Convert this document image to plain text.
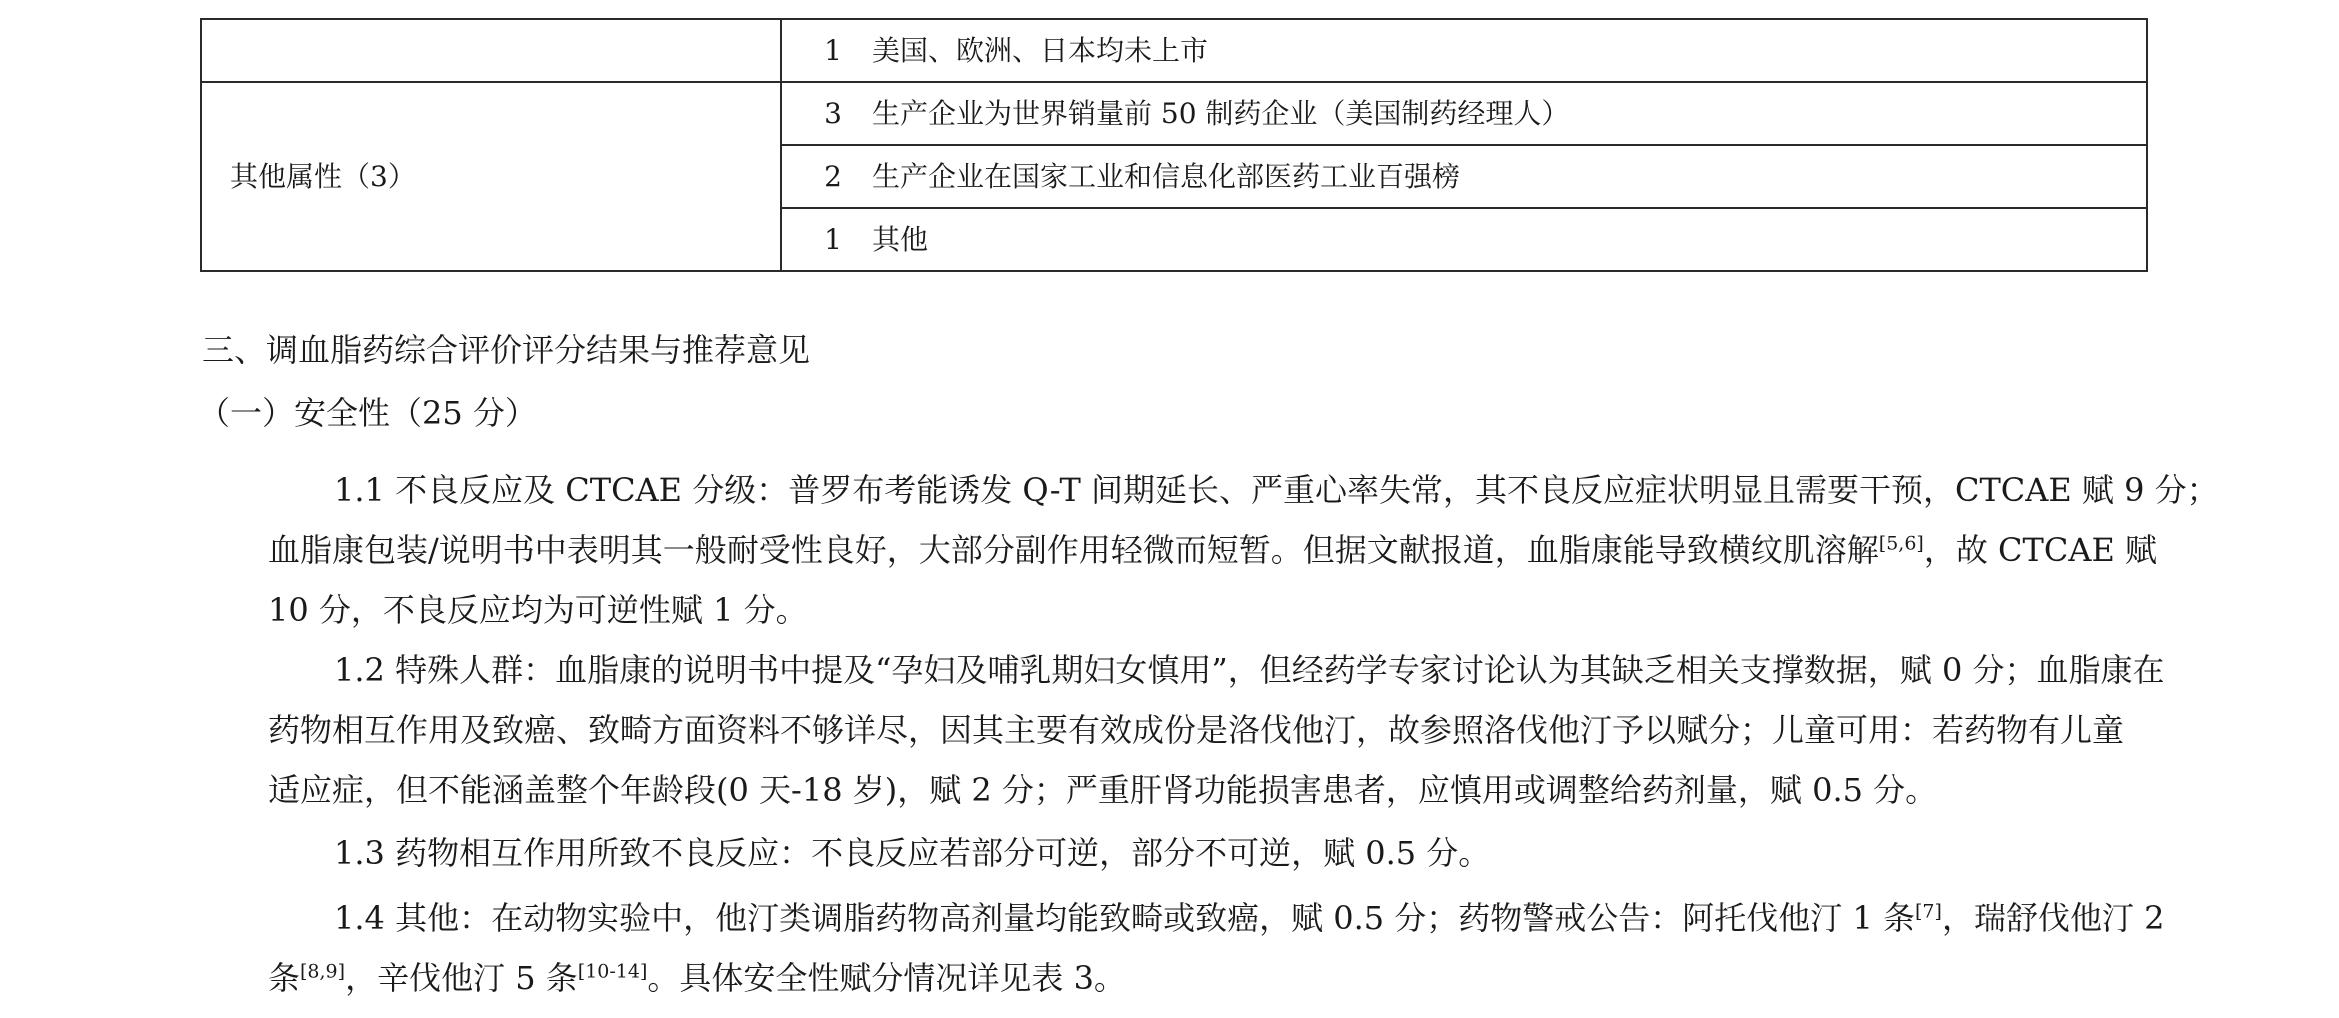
	1 美国、欧洲、日本均未上市
其他属性（3）	3 生产企业为世界销量前 50 制药企业（美国制药经理人）
	2 生产企业在国家工业和信息化部医药工业百强榜
	1 其他
三、调血脂药综合评价评分结果与推荐意见
（一）安全性（25 分）
1.1 不良反应及 CTCAE 分级：普罗布考能诱发 Q-T 间期延长、严重心率失常，其不良反应症状明显且需要干预，CTCAE 赋 9 分；
血脂康包装/说明书中表明其一般耐受性良好，大部分副作用轻微而短暂。但据文献报道，血脂康能导致横纹肌溶解[5,6]，故 CTCAE 赋
10 分，不良反应均为可逆性赋 1 分。
1.2 特殊人群：血脂康的说明书中提及“孕妇及哺乳期妇女慎用”，但经药学专家讨论认为其缺乏相关支撑数据，赋 0 分；血脂康在
药物相互作用及致癌、致畸方面资料不够详尽，因其主要有效成份是洛伐他汀，故参照洛伐他汀予以赋分；儿童可用：若药物有儿童
适应症，但不能涵盖整个年龄段(0 天-18 岁)，赋 2 分；严重肝肾功能损害患者，应慎用或调整给药剂量，赋 0.5 分。
1.3 药物相互作用所致不良反应：不良反应若部分可逆，部分不可逆，赋 0.5 分。
1.4 其他：在动物实验中，他汀类调脂药物高剂量均能致畸或致癌，赋 0.5 分；药物警戒公告：阿托伐他汀 1 条[7]，瑞舒伐他汀 2
条[8,9]，辛伐他汀 5 条[10-14]。具体安全性赋分情况详见表 3。
